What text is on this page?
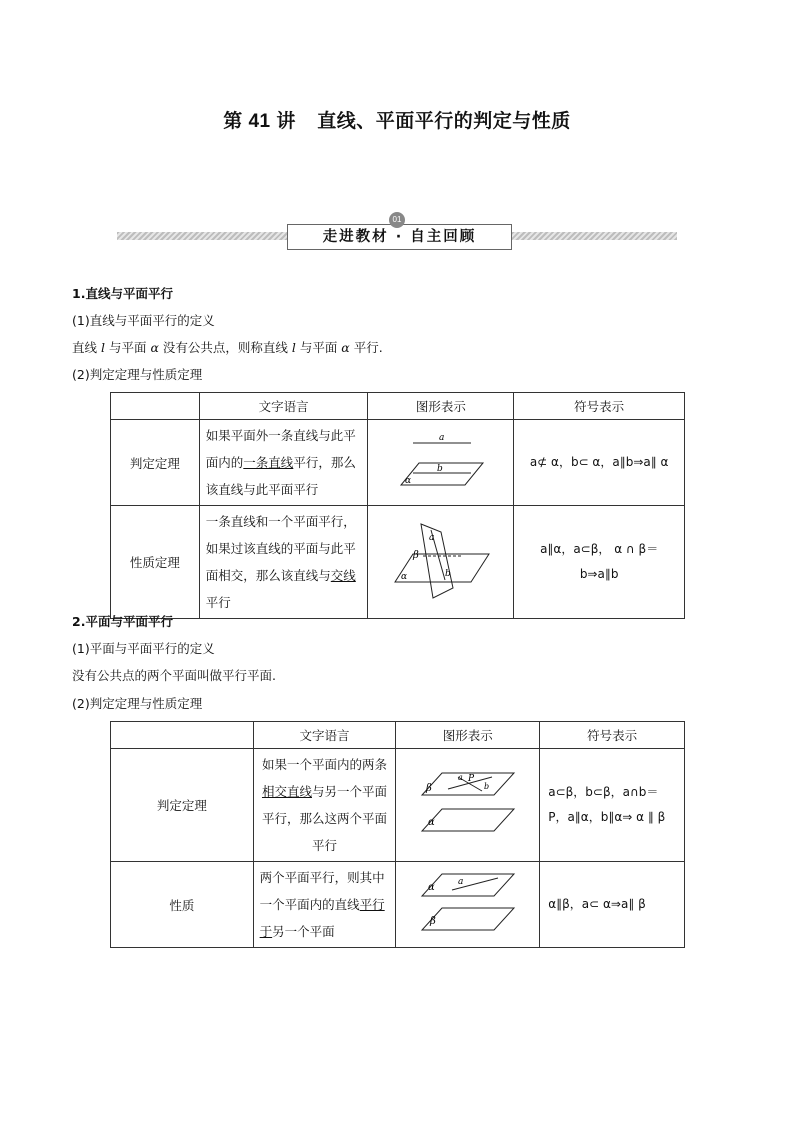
第 41 讲 直线、平面平行的判定与性质
走进教材 · 自主回顾
01
1.直线与平面平行
(1)直线与平面平行的定义
直线 l 与平面 α 没有公共点，则称直线 l 与平面 α 平行.
(2)判定定理与性质定理
	文字语言	图形表示	符号表示
判定定理	如果平面外一条直线与此平面内的一条直线平行，那么该直线与此平面平行	a
b
α	a⊄ α，b⊂ α，a∥b⇒a∥ α
性质定理	一条直线和一个平面平行，如果过该直线的平面与此平面相交，那么该直线与交线平行	a
β
α b	a∥α，a⊂β， α ∩ β＝b⇒a∥b
2.平面与平面平行
(1)平面与平面平行的定义
没有公共点的两个平面叫做平行平面.
(2)判定定理与性质定理
	文字语言	图形表示	符号表示
判定定理	如果一个平面内的两条相交直线与另一个平面平行，那么这两个平面平行	a P
b
β
α	a⊂β，b⊂β，a∩b＝P，a∥α，b∥α⇒ α ∥ β
性质	两个平面平行，则其中一个平面内的直线平行于另一个平面	α a
β	α∥β，a⊂ α⇒a∥ β
